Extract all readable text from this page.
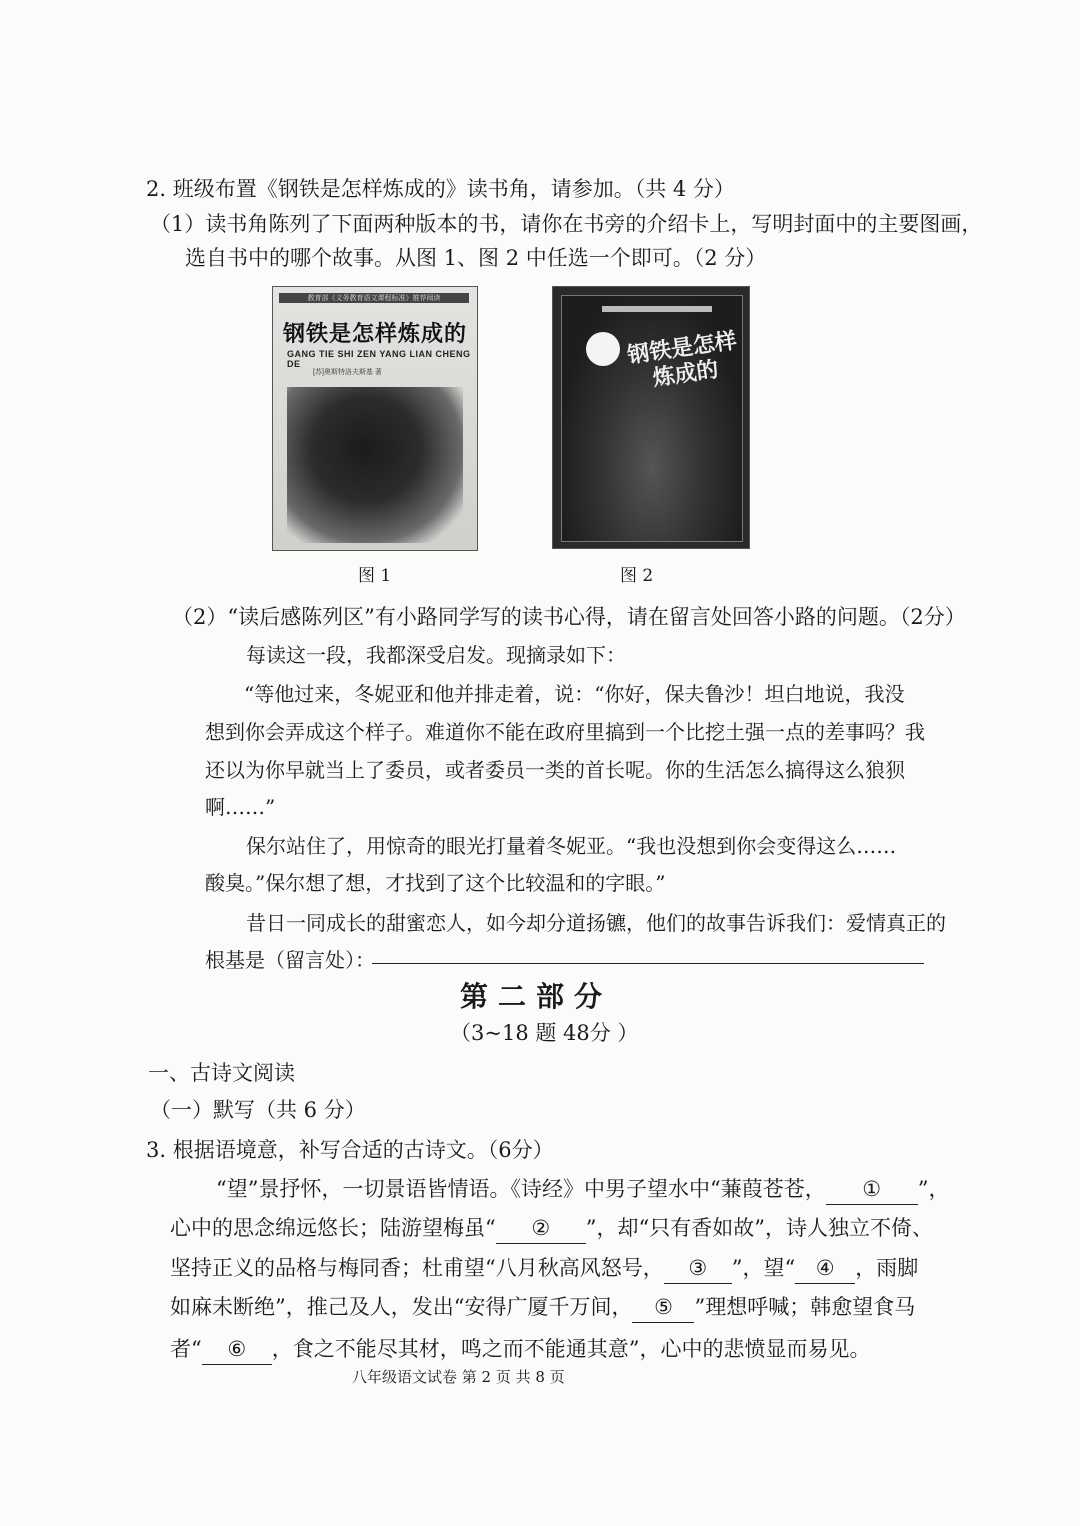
2. 班级布置《钢铁是怎样炼成的》读书角，请参加。（共 4 分）
（1）读书角陈列了下面两种版本的书，请你在书旁的介绍卡上，写明封面中的主要图画，
选自书中的哪个故事。从图 1、图 2 中任选一个即可。（2 分）
教育部《义务教育语文课程标准》推荐阅读
钢铁是怎样炼成的
GANG TIE SHI ZEN YANG LIAN CHENG DE
[苏]奥斯特洛夫斯基 著
图 1
钢铁是怎样炼成的
图 2
（2）“读后感陈列区”有小路同学写的读书心得，请在留言处回答小路的问题。（2分）
每读这一段，我都深受启发。现摘录如下：
“等他过来，冬妮亚和他并排走着，说：“你好，保夫鲁沙！坦白地说，我没
想到你会弄成这个样子。难道你不能在政府里搞到一个比挖土强一点的差事吗？我
还以为你早就当上了委员，或者委员一类的首长呢。你的生活怎么搞得这么狼狈
啊……”
保尔站住了，用惊奇的眼光打量着冬妮亚。“我也没想到你会变得这么……
酸臭。”保尔想了想，才找到了这个比较温和的字眼。”
昔日一同成长的甜蜜恋人，如今却分道扬镳，他们的故事告诉我们：爱情真正的
根基是（留言处）：
第二部分
（3~18 题 48分 ）
一、古诗文阅读
（一）默写（共 6 分）
3. 根据语境意，补写合适的古诗文。（6分）
“望”景抒怀，一切景语皆情语。《诗经》中男子望水中“蒹葭苍苍， ① ”，
心中的思念绵远悠长；陆游望梅虽“ ② ”，却“只有香如故”，诗人独立不倚、
坚持正义的品格与梅同香；杜甫望“八月秋高风怒号， ③ ”，望“ ④ ，雨脚
如麻未断绝”，推己及人，发出“安得广厦千万间， ⑤ ”理想呼喊；韩愈望食马
者“ ⑥ ，食之不能尽其材，鸣之而不能通其意”，心中的悲愤显而易见。
八年级语文试卷 第 2 页 共 8 页
